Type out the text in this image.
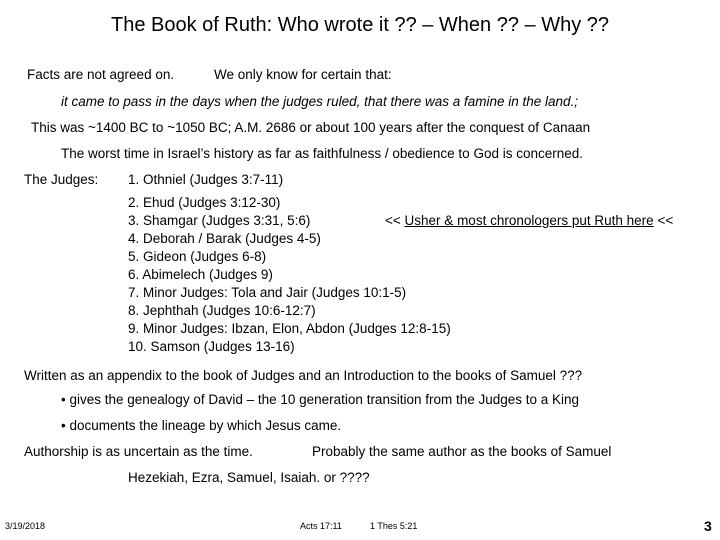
The Book of Ruth: Who wrote it ?? – When ?? – Why ??
Facts are not agreed on.	We only know for certain that:
it came to pass in the days when the judges ruled, that there was a famine in the land.;
This was ~1400 BC to ~1050 BC; A.M. 2686 or about 100 years after the conquest of Canaan
The worst time in Israel’s history as far as faithfulness / obedience to God is concerned.
The Judges: 1. Othniel (Judges 3:7-11)
2. Ehud (Judges 3:12-30)
3. Shamgar (Judges 3:31, 5:6)	<< Usher & most chronologers put Ruth here <<
4. Deborah / Barak (Judges 4-5)
5. Gideon (Judges 6-8)
6. Abimelech (Judges 9)
7. Minor Judges: Tola and Jair (Judges 10:1-5)
8. Jephthah (Judges 10:6-12:7)
9. Minor Judges: Ibzan, Elon, Abdon (Judges 12:8-15)
10. Samson (Judges 13-16)
Written as an appendix to the book of Judges and an Introduction to the books of Samuel ???
• gives the genealogy of David – the 10 generation transition from the Judges to a King
• documents the lineage by which Jesus came.
Authorship is as uncertain as the time.	Probably the same author as the books of Samuel
Hezekiah, Ezra, Samuel, Isaiah. or ????
3/19/2018	Acts 17:11	1 Thes 5:21	3
